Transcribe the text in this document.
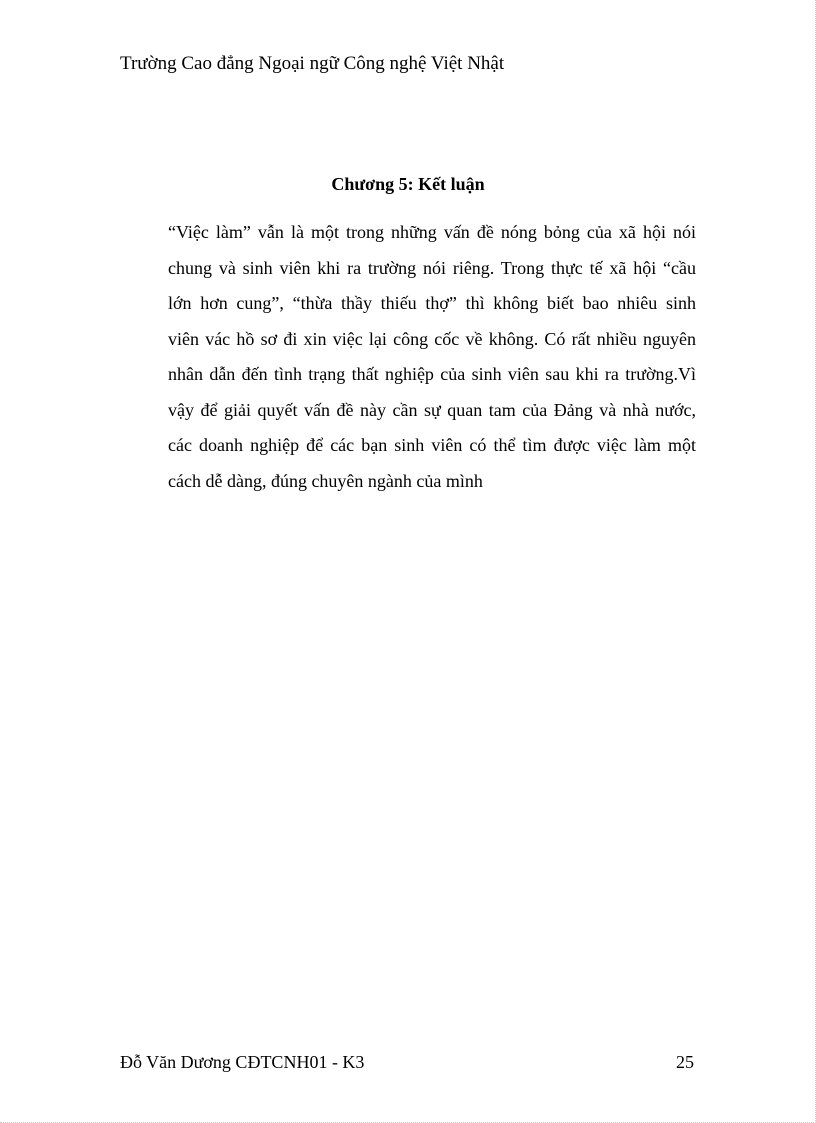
Trường Cao đẳng Ngoại ngữ Công nghệ Việt Nhật
Chương 5: Kết luận
“Việc làm” vẫn là một trong những vấn đề nóng bỏng của xã hội nói
chung và sinh viên khi ra trường nói riêng. Trong thực tế xã hội “cầu
lớn hơn cung”, “thừa thầy thiếu thợ” thì không biết bao nhiêu sinh
viên vác hồ sơ đi xin việc lại công cốc về không. Có rất nhiều nguyên
nhân dẫn đến tình trạng thất nghiệp của sinh viên sau khi ra trường.Vì
vậy để giải quyết vấn đề này cần sự quan tam của Đảng và nhà nước,
các doanh nghiệp để các bạn sinh viên có thể tìm được việc làm một
cách dễ dàng, đúng chuyên ngành của mình
Đỗ Văn Dương CĐTCNH01 - K3	25
